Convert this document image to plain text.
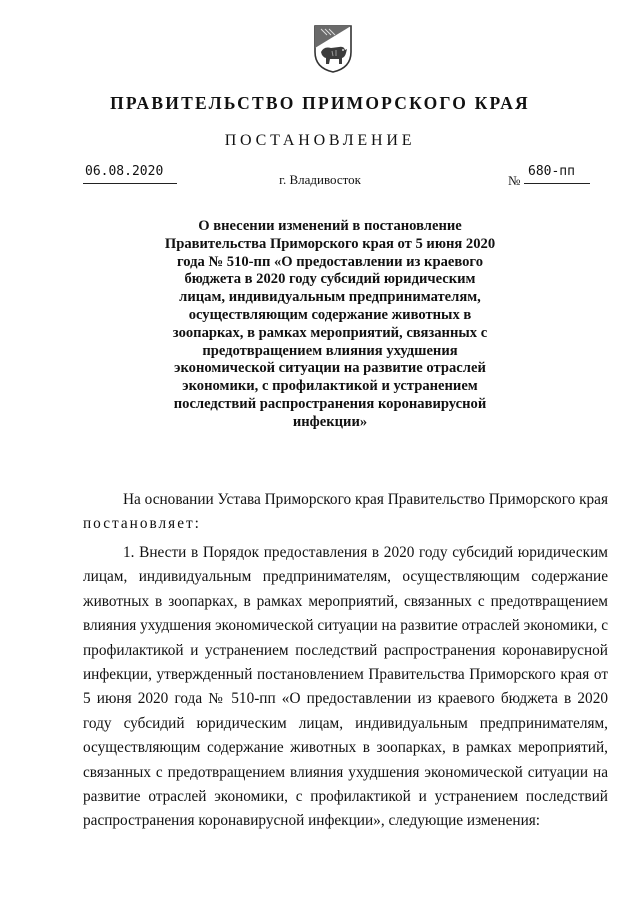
ПРАВИТЕЛЬСТВО ПРИМОРСКОГО КРАЯ
ПОСТАНОВЛЕНИЕ
06.08.2020
г. Владивосток	№
680-пп
О внесении изменений в постановление Правительства Приморского края от 5 июня 2020 года № 510-пп «О предоставлении из краевого бюджета в 2020 году субсидий юридическим лицам, индивидуальным предпринимателям, осуществляющим содержание животных в зоопарках, в рамках мероприятий, связанных с предотвращением влияния ухудшения экономической ситуации на развитие отраслей экономики, с профилактикой и устранением последствий распространения коронавирусной инфекции»
На основании Устава Приморского края Правительство Приморского края постановляет:
1. Внести в Порядок предоставления в 2020 году субсидий юридическим лицам, индивидуальным предпринимателям, осуществляющим содержание животных в зоопарках, в рамках мероприятий, связанных с предотвращением влияния ухудшения экономической ситуации на развитие отраслей экономики, с профилактикой и устранением последствий распространения коронавирусной инфекции, утвержденный постановлением Правительства Приморского края от 5 июня 2020 года № 510-пп «О предоставлении из краевого бюджета в 2020 году субсидий юридическим лицам, индивидуальным предпринимателям, осуществляющим содержание животных в зоопарках, в рамках мероприятий, связанных с предотвращением влияния ухудшения экономической ситуации на развитие отраслей экономики, с профилактикой и устранением последствий распространения коронавирусной инфекции», следующие изменения:
